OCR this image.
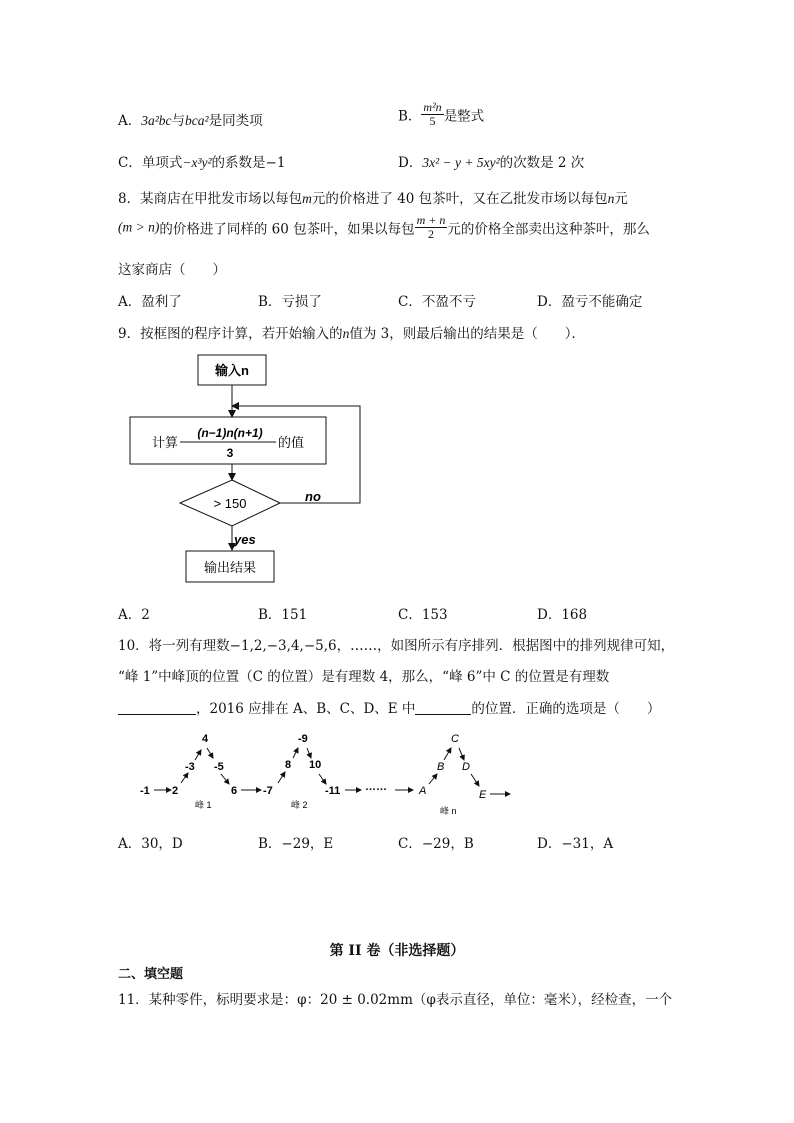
A．3a²bc与bca²是同类项	B． $\frac{\text{m²n}}{5}$ 是整式
C．单项式−x³y²的系数是−1	D．3x² − y + 5xy²的次数是 2 次
8．某商店在甲批发市场以每包m元的价格进了 40 包茶叶，又在乙批发市场以每包n元
(m > n)的价格进了同样的 60 包茶叶，如果以每包 $\frac{m + n}{2}$ 元的价格全部卖出这种茶叶，那么
这家商店（　　）
A．盈利了	B．亏损了	C．不盈不亏	D．盈亏不能确定
9．按框图的程序计算，若开始输入的n值为 3，则最后输出的结果是（　　）．
输入n
计算
(n−1)n(n+1)
3
的值
> 150	no
yes
输出结果
A．2	B．151	C．153	D．168
10．将一列有理数−1,2,−3,4,−5,6，……，如图所示有序排列．根据图中的排列规律可知，
“峰 1”中峰顶的位置（C 的位置）是有理数 4，那么，“峰 6”中 C 的位置是有理数
，2016 应排在 A、B、C、D、E 中	的位置．正确的选项是（　　）
-1 2
-3
4
-5
6
峰 1
-7
8
-9
10
-11
峰 2
……	A
B
C
D
E
峰 n
A．30，D	B．−29，E	C．−29，B	D．−31，A
第 II 卷（非选择题）
二、填空题
11．某种零件，标明要求是：φ：20 ± 0.02mm（φ表示直径，单位：毫米），经检查，一个
